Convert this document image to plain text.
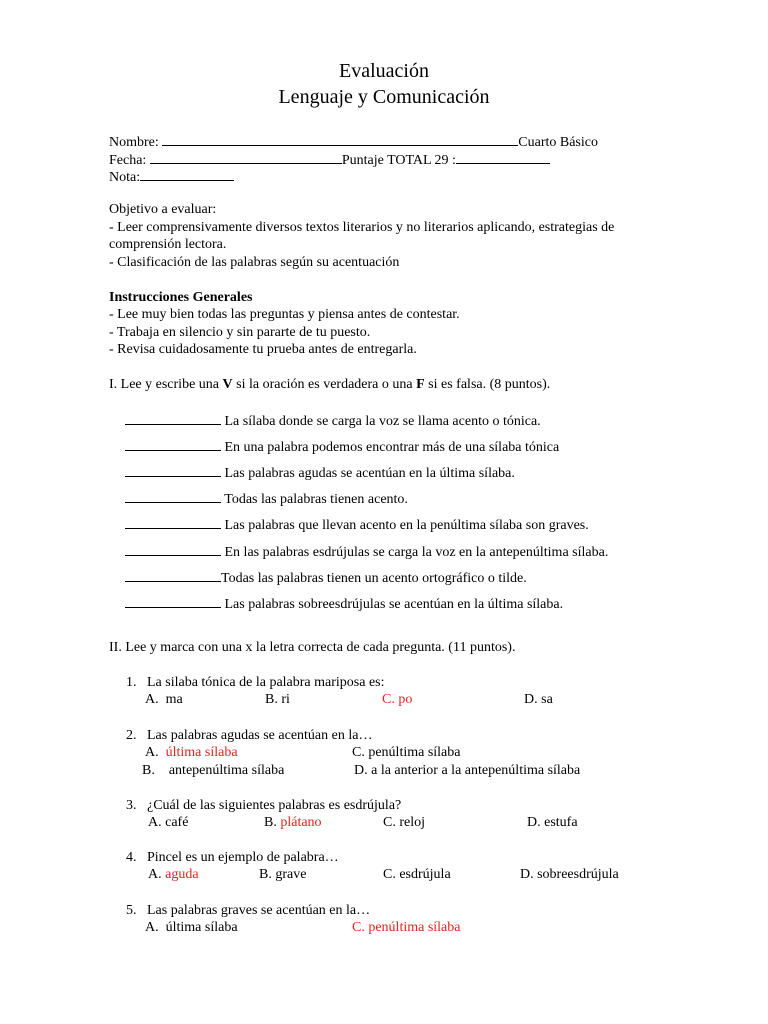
Evaluación
Lenguaje y Comunicación
Nombre:	Cuarto Básico
Fecha:	Puntaje TOTAL 29 :
Nota:
Objetivo a evaluar:
- Leer comprensivamente diversos textos literarios y no literarios aplicando, estrategias de
comprensión lectora.
- Clasificación de las palabras según su acentuación
Instrucciones Generales
- Lee muy bien todas las preguntas y piensa antes de contestar.
- Trabaja en silencio y sin pararte de tu puesto.
- Revisa cuidadosamente tu prueba antes de entregarla.
I. Lee y escribe una V si la oración es verdadera o una F si es falsa. (8 puntos).
La sílaba donde se carga la voz se llama acento o tónica.
En una palabra podemos encontrar más de una sílaba tónica
Las palabras agudas se acentúan en la última sílaba.
Todas las palabras tienen acento.
Las palabras que llevan acento en la penúltima sílaba son graves.
En las palabras esdrújulas se carga la voz en la antepenúltima sílaba.
Todas las palabras tienen un acento ortográfico o tilde.
Las palabras sobreesdrújulas se acentúan en la última sílaba.
II. Lee y marca con una x la letra correcta de cada pregunta. (11 puntos).
1. La silaba tónica de la palabra mariposa es:
A. ma	B. ri	C. po	D. sa
2. Las palabras agudas se acentúan en la…
A. última sílaba	C. penúltima sílaba
B. antepenúltima sílaba	D. a la anterior a la antepenúltima sílaba
3. ¿Cuál de las siguientes palabras es esdrújula?
A. café	B. plátano	C. reloj	D. estufa
4. Pincel es un ejemplo de palabra…
A. aguda	B. grave	C. esdrújula	D. sobreesdrújula
5. Las palabras graves se acentúan en la…
A. última sílaba	C. penúltima sílaba
